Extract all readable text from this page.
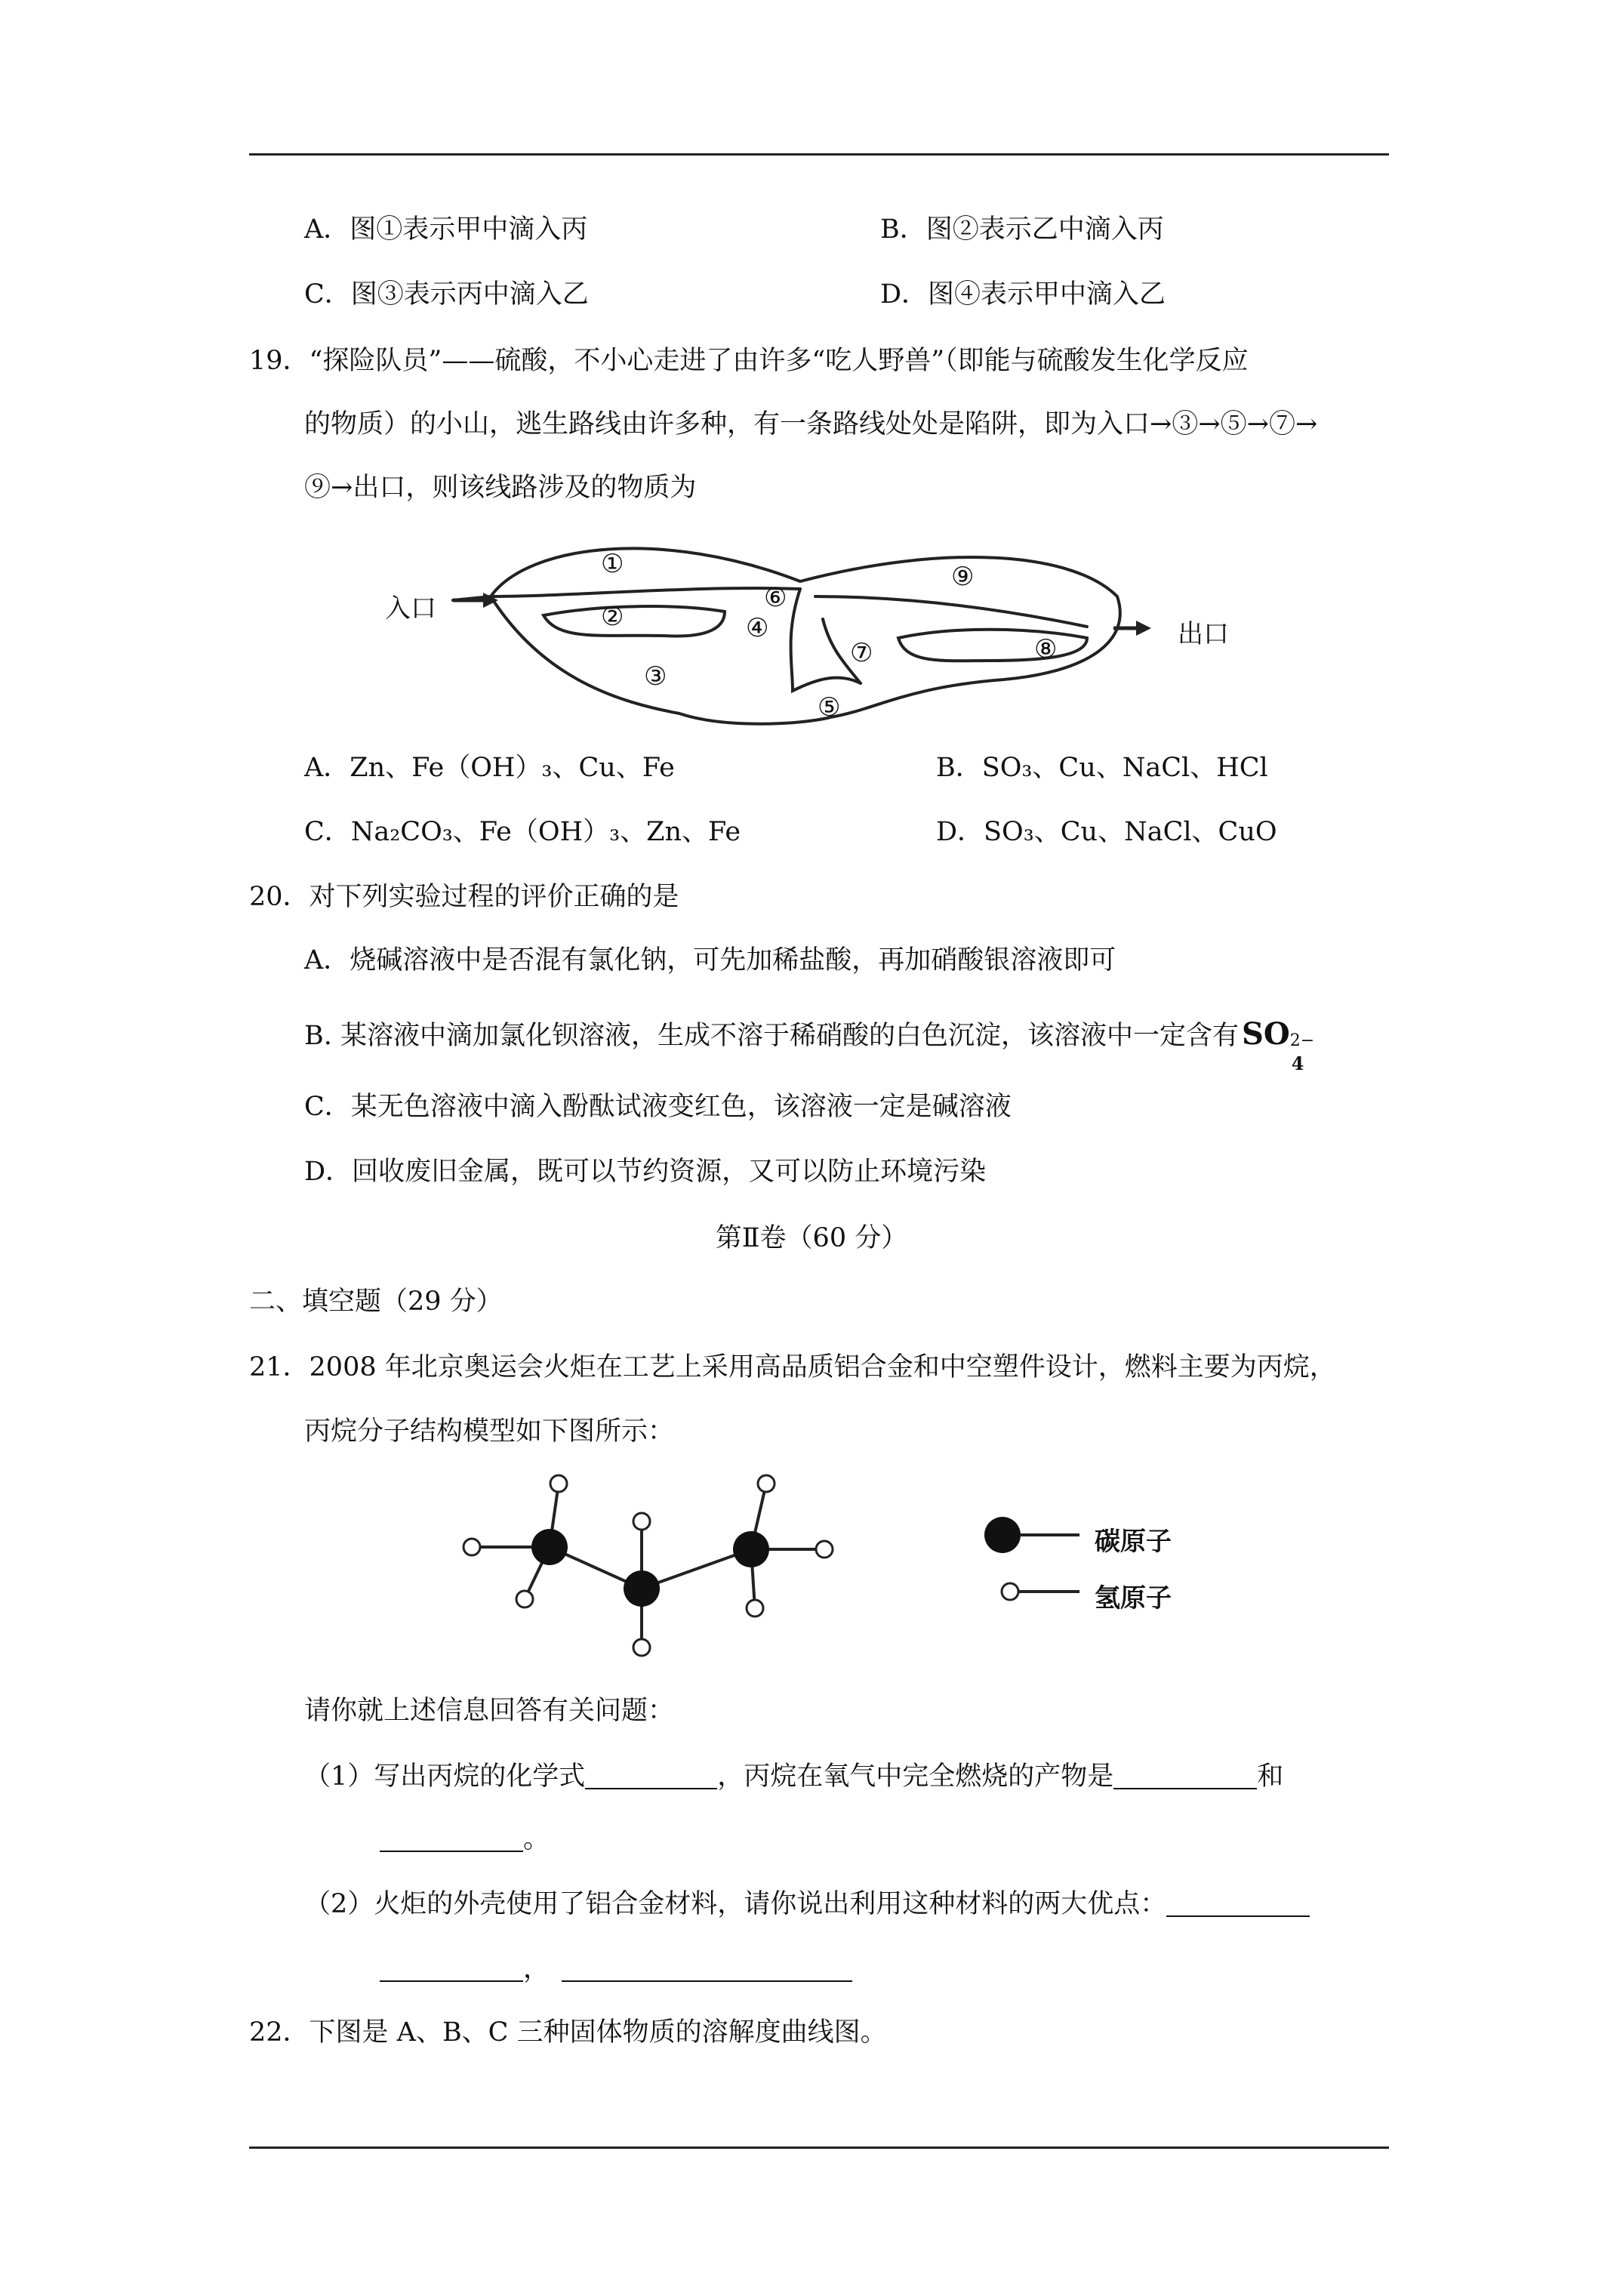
A．图①表示甲中滴入丙	B．图②表示乙中滴入丙
C．图③表示丙中滴入乙	D．图④表示甲中滴入乙
19．“探险队员”——硫酸，不小心走进了由许多“吃人野兽”（即能与硫酸发生化学反应
的物质）的小山，逃生路线由许多种，有一条路线处处是陷阱，即为入口→③→⑤→⑦→
⑨→出口，则该线路涉及的物质为
入口
出口
①
②
③
④
⑤
⑥
⑦	⑧
⑨
A．Zn、Fe（OH）₃、Cu、Fe	B．SO₃、Cu、NaCl、HCl
C．Na₂CO₃、Fe（OH）₃、Zn、Fe	D．SO₃、Cu、NaCl、CuO
20．对下列实验过程的评价正确的是
A．烧碱溶液中是否混有氯化钠，可先加稀盐酸，再加硝酸银溶液即可
B. 某溶液中滴加氯化钡溶液，生成不溶于稀硝酸的白色沉淀，该溶液中一定含有 SO 2−
4
C．某无色溶液中滴入酚酞试液变红色，该溶液一定是碱溶液
D．回收废旧金属，既可以节约资源，又可以防止环境污染
第Ⅱ卷（60 分）
二、填空题（29 分）
21．2008 年北京奥运会火炬在工艺上采用高品质铝合金和中空塑件设计，燃料主要为丙烷，
丙烷分子结构模型如下图所示：
碳原子
氢原子
请你就上述信息回答有关问题：
（1）写出丙烷的化学式	，丙烷在氧气中完全燃烧的产物是	和
。
（2）火炬的外壳使用了铝合金材料，请你说出利用这种材料的两大优点：
，
22．下图是 A、B、C 三种固体物质的溶解度曲线图。
